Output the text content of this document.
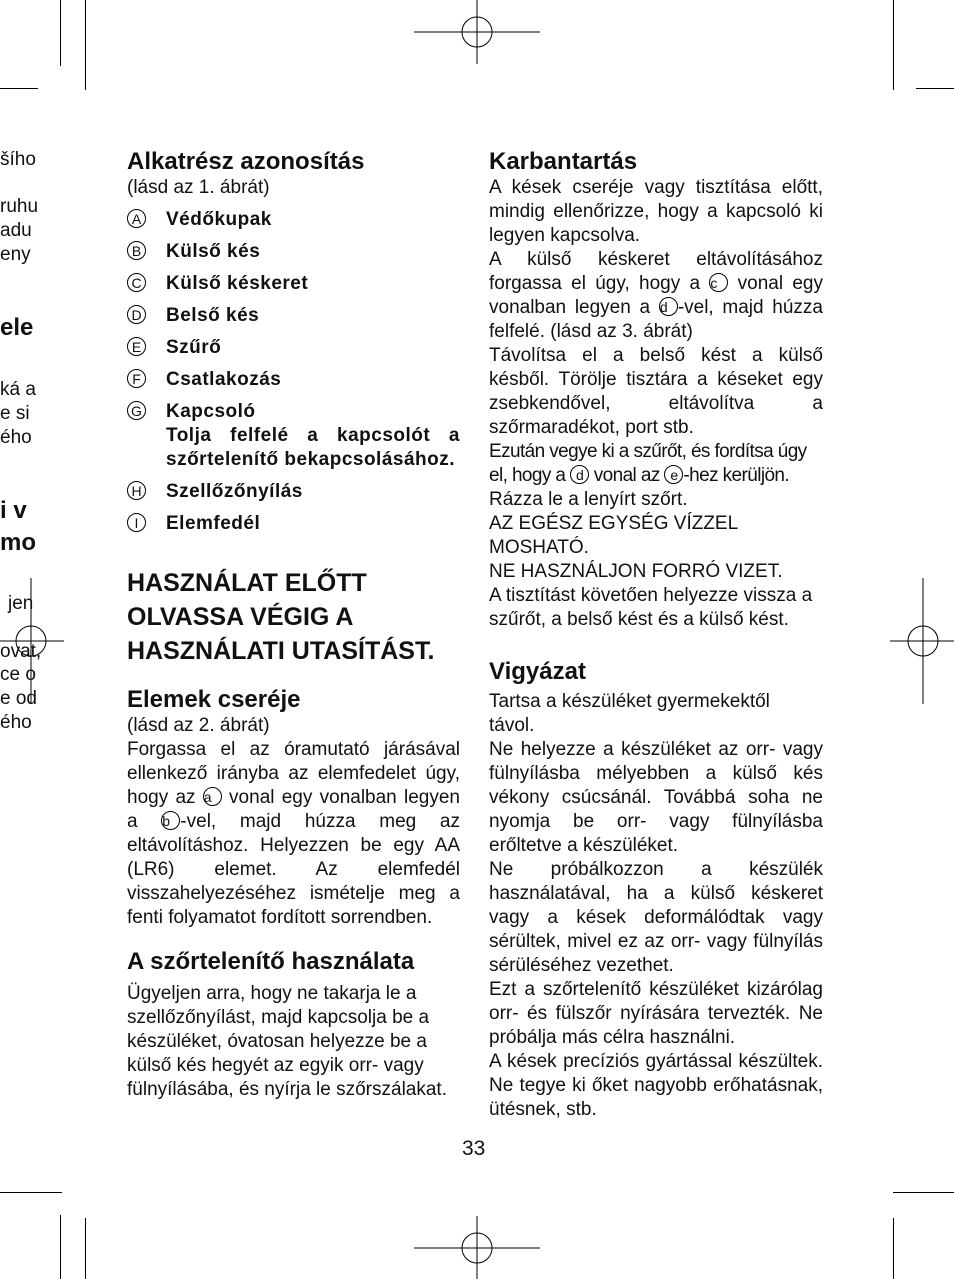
šího
ruhu
adu
eny
ele
ká a
e si
ého
i v
mo
jen
ovat,
ce o
e od
ého
Alkatrész azonosítás

(lásd az 1. ábrát)

A	Védőkupak
B	Külső kés
C	Külső késkeret
D	Belső kés
E	Szűrő
F	Csatlakozás
G	Kapcsoló
Tolja felfelé a kapcsolót a szőrtelenítő bekapcsolásához.
H	Szellőzőnyílás
I	Elemfedél

HASZNÁLAT ELŐTT

OLVASSA VÉGIG A

HASZNÁLATI UTASÍTÁST.

Elemek cseréje

(lásd az 2. ábrát)

Forgassa el az óramutató járásával ellenkező irányba az elemfedelet úgy, hogy az a vonal egy vonalban legyen a b -vel, majd húzza meg az eltávolításhoz. Helyezzen be egy AA (LR6) elemet. Az elemfedél visszahelyezéséhez ismételje meg a fenti folyamatot fordított sorrendben.

A szőrtelenítő használata

Ügyeljen arra, hogy ne takarja le a szellőzőnyílást, majd kapcsolja be a készüléket, óvatosan helyezze be a külső kés hegyét az egyik orr- vagy fülnyílásába, és nyírja le szőrszálakat.

Karbantartás

A kések cseréje vagy tisztítása előtt, mindig ellenőrizze, hogy a kapcsoló ki legyen kapcsolva.

A külső késkeret eltávolításához forgassa el úgy, hogy a c vonal egy vonalban legyen a d -vel, majd húzza felfelé. (lásd az 3. ábrát)

Távolítsa el a belső kést a külső késből. Törölje tisztára a késeket egy zsebkendővel, eltávolítva a szőrmaradékot, port stb.

Ezután vegye ki a szűrőt, és fordítsa úgy el, hogy a d vonal az e -hez kerüljön.

Rázza le a lenyírt szőrt.

AZ EGÉSZ EGYSÉG VÍZZEL MOSHATÓ.

NE HASZNÁLJON FORRÓ VIZET.

A tisztítást követően helyezze vissza a szűrőt, a belső kést és a külső kést.

Vigyázat

Tartsa a készüléket gyermekektől távol.

Ne helyezze a készüléket az orr- vagy fülnyílásba mélyebben a külső kés vékony csúcsánál. Továbbá soha ne nyomja be orr- vagy fülnyílásba erőltetve a készüléket.

Ne próbálkozzon a készülék használatával, ha a külső késkeret vagy a kések deformálódtak vagy sérültek, mivel ez az orr- vagy fülnyílás sérüléséhez vezethet.

Ezt a szőrtelenítő készüléket kizárólag orr- és fülszőr nyírására tervezték. Ne próbálja más célra használni.

A kések precíziós gyártással készültek. Ne tegye ki őket nagyobb erőhatásnak, ütésnek, stb.

33
